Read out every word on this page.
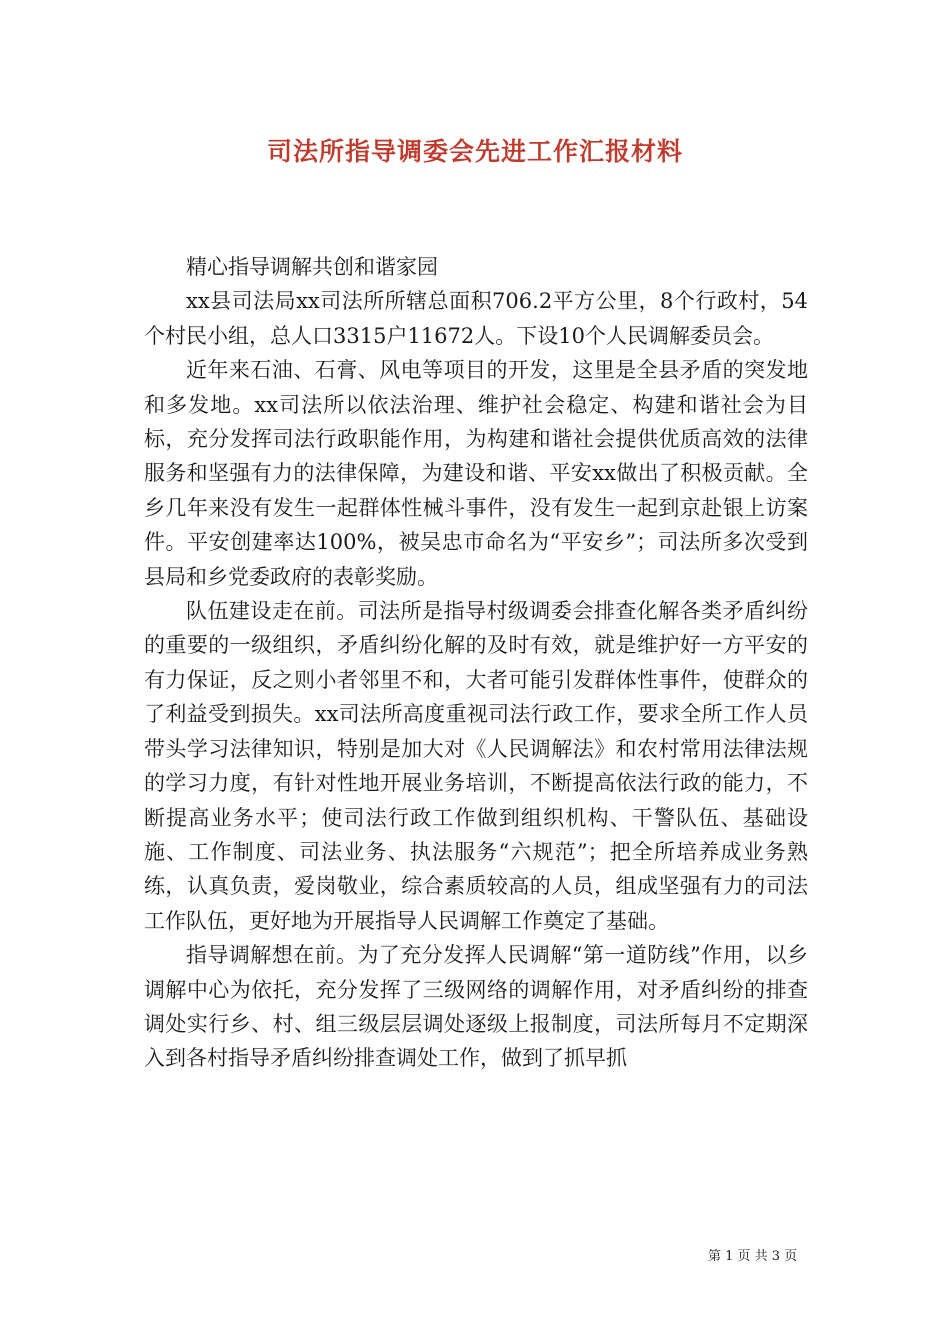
司法所指导调委会先进工作汇报材料

精心指导调解共创和谐家园

xx县司法局xx司法所所辖总面积706.2平方公里，8个行政村，54个村民小组，总人口3315户11672人。下设10个人民调解委员会。

近年来石油、石膏、风电等项目的开发，这里是全县矛盾的突发地和多发地。xx司法所以依法治理、维护社会稳定、构建和谐社会为目标，充分发挥司法行政职能作用，为构建和谐社会提供优质高效的法律服务和坚强有力的法律保障，为建设和谐、平安xx做出了积极贡献。全乡几年来没有发生一起群体性械斗事件，没有发生一起到京赴银上访案件。平安创建率达100%，被吴忠市命名为“平安乡”；司法所多次受到县局和乡党委政府的表彰奖励。

队伍建设走在前。司法所是指导村级调委会排查化解各类矛盾纠纷的重要的一级组织，矛盾纠纷化解的及时有效，就是维护好一方平安的有力保证，反之则小者邻里不和，大者可能引发群体性事件，使群众的了利益受到损失。xx司法所高度重视司法行政工作，要求全所工作人员带头学习法律知识，特别是加大对《人民调解法》和农村常用法律法规的学习力度，有针对性地开展业务培训，不断提高依法行政的能力，不断提高业务水平；使司法行政工作做到组织机构、干警队伍、基础设施、工作制度、司法业务、执法服务“六规范”；把全所培养成业务熟练，认真负责，爱岗敬业，综合素质较高的人员，组成坚强有力的司法工作队伍，更好地为开展指导人民调解工作奠定了基础。

指导调解想在前。为了充分发挥人民调解“第一道防线”作用，以乡调解中心为依托，充分发挥了三级网络的调解作用，对矛盾纠纷的排查调处实行乡、村、组三级层层调处逐级上报制度，司法所每月不定期深入到各村指导矛盾纠纷排查调处工作，做到了抓早抓

第 1 页 共 3 页
